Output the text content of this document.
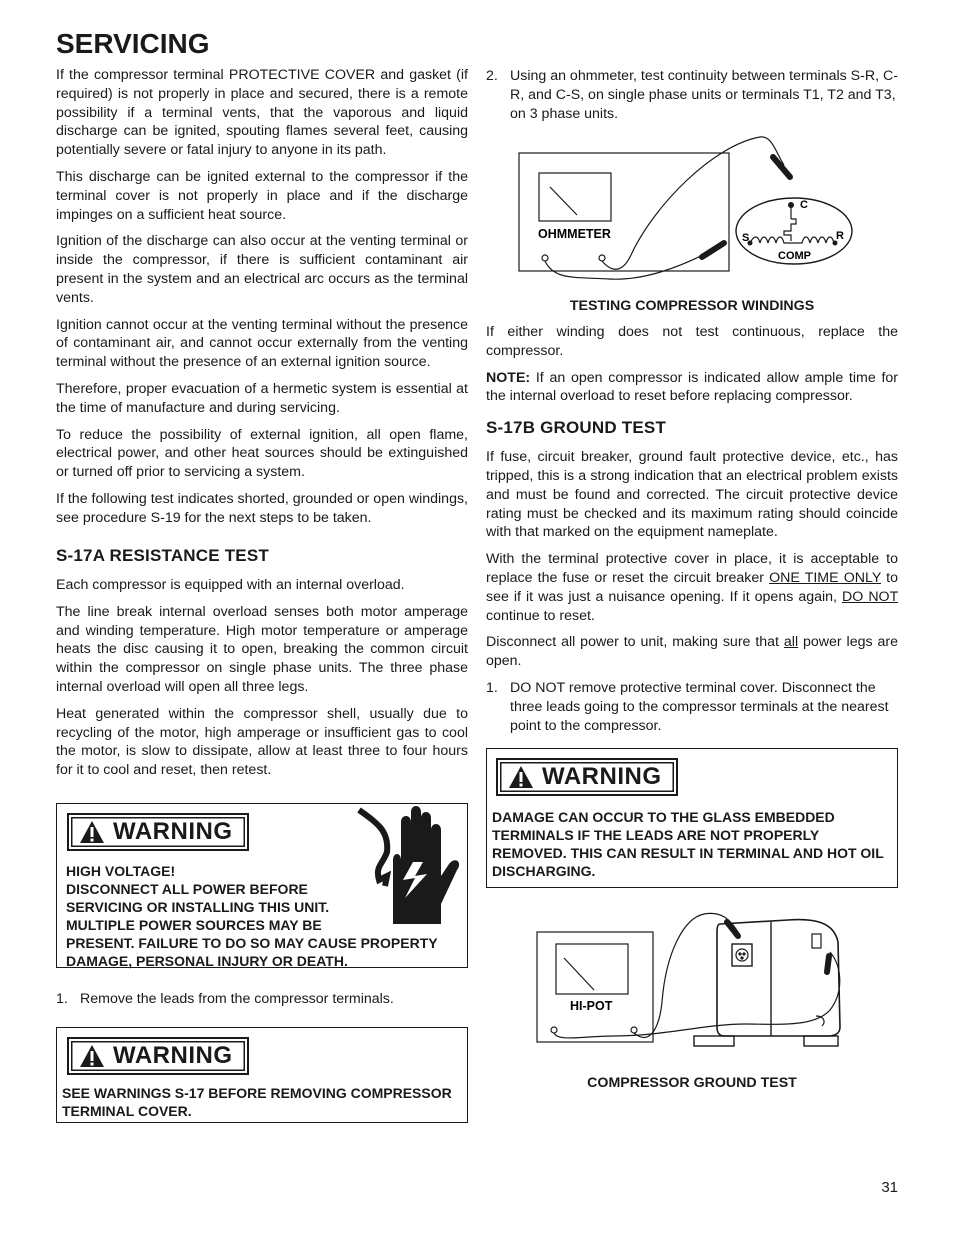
SERVICING

If the compressor terminal PROTECTIVE COVER and gasket (if required) is not properly in place and secured, there is a remote possibility if a terminal vents, that the vaporous and liquid discharge can be ignited, spouting flames several feet, causing potentially severe or fatal injury to anyone in its path.

This discharge can be ignited external to the compressor if the terminal cover is not properly in place and if the discharge impinges on a sufficient heat source.

Ignition of the discharge can also occur at the venting terminal or inside the compressor, if there is sufficient contaminant air present in the system and an electrical arc occurs as the terminal vents.

Ignition cannot occur at the venting terminal without the presence of contaminant air, and cannot occur externally from the venting terminal without the presence of an external ignition source.

Therefore, proper evacuation of a hermetic system is essential at the time of manufacture and during servicing.

To reduce the possibility of external ignition, all open flame, electrical power, and other heat sources should be extinguished or turned off prior to servicing a system.

If the following test indicates shorted, grounded or open windings, see procedure S-19 for the next steps to be taken.

S-17A RESISTANCE TEST

Each compressor is equipped with an internal overload.

The line break internal overload senses both motor amperage and winding temperature. High motor temperature or amperage heats the disc causing it to open, breaking the common circuit within the compressor on single phase units. The three phase internal overload will open all three legs.

Heat generated within the compressor shell, usually due to recycling of the motor, high amperage or insufficient gas to cool the motor, is slow to dissipate, allow at least three to four hours for it to cool and reset, then retest.

WARNING
HIGH VOLTAGE!
DISCONNECT ALL POWER BEFORE
SERVICING OR INSTALLING THIS UNIT.
MULTIPLE POWER SOURCES MAY BE
PRESENT. FAILURE TO DO SO MAY CAUSE PROPERTY
DAMAGE, PERSONAL INJURY OR DEATH.
1. Remove the leads from the compressor terminals.
WARNING
SEE WARNINGS S-17 BEFORE REMOVING COMPRESSOR TERMINAL COVER.
2. Using an ohmmeter, test continuity between terminals S-R, C-R, and C-S, on single phase units or terminals T1, T2 and T3, on 3 phase units.
OHMMETER
C
S	R
COMP
TESTING COMPRESSOR WINDINGS

If either winding does not test continuous, replace the compressor.

NOTE: If an open compressor is indicated allow ample time for the internal overload to reset before replacing compressor.

S-17B GROUND TEST

If fuse, circuit breaker, ground fault protective device, etc., has tripped, this is a strong indication that an electrical problem exists and must be found and corrected. The circuit protective device rating must be checked and its maximum rating should coincide with that marked on the equipment nameplate.

With the terminal protective cover in place, it is acceptable to replace the fuse or reset the circuit breaker ONE TIME ONLY to see if it was just a nuisance opening. If it opens again, DO NOT continue to reset.

Disconnect all power to unit, making sure that all power legs are open.

1. DO NOT remove protective terminal cover. Disconnect the three leads going to the compressor terminals at the nearest point to the compressor.
WARNING
DAMAGE CAN OCCUR TO THE GLASS EMBEDDED TERMINALS IF THE LEADS ARE NOT PROPERLY REMOVED. THIS CAN RESULT IN TERMINAL AND HOT OIL DISCHARGING.
HI-POT
COMPRESSOR GROUND TEST
31
